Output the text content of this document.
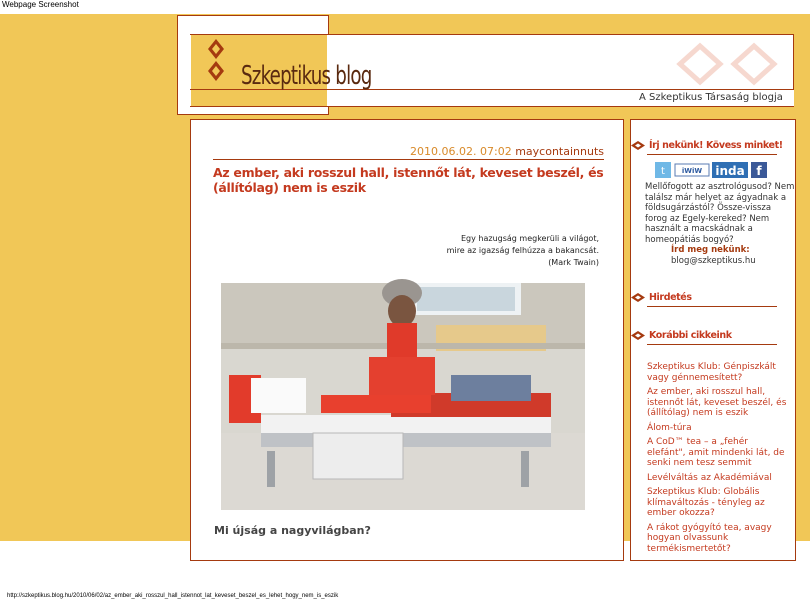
Webpage Screenshot
Szkeptikus blog
A Szkeptikus Társaság blogja
2010.06.02. 07:02 maycontainnuts
Az ember, aki rosszul hall, istennőt lát, keveset beszél, és (állítólag) nem is eszik
Egy hazugság megkerüli a világot,
mire az igazság felhúzza a bakancsát.
(Mark Twain)
Mi újság a nagyvilágban?
Írj nekünk! Kövess minket!
t iWiW inda f
Mellőfogott az asztrológusod? Nem találsz már helyet az ágyadnak a földsugárzástól? Össze-vissza forog az Egely-kereked? Nem használt a macskádnak a homeopátiás bogyó?
Írd meg nekünk:
blog@szkeptikus.hu
Hirdetés
Korábbi cikkeink
Szkeptikus Klub: Génpiszkált vagy génnemesített?
Az ember, aki rosszul hall, istennőt lát, keveset beszél, és (állítólag) nem is eszik
Álom-túra
A CoD™ tea – a „fehér elefánt", amit mindenki lát, de senki nem tesz semmit
Levélváltás az Akadémiával
Szkeptikus Klub: Globális klímaváltozás - tényleg az ember okozza?
A rákot gyógyító tea, avagy hogyan olvassunk termékismertetőt?
http://szkeptikus.blog.hu/2010/06/02/az_ember_aki_rosszul_hall_istennot_lat_keveset_beszel_es_lehet_hogy_nem_is_eszik
